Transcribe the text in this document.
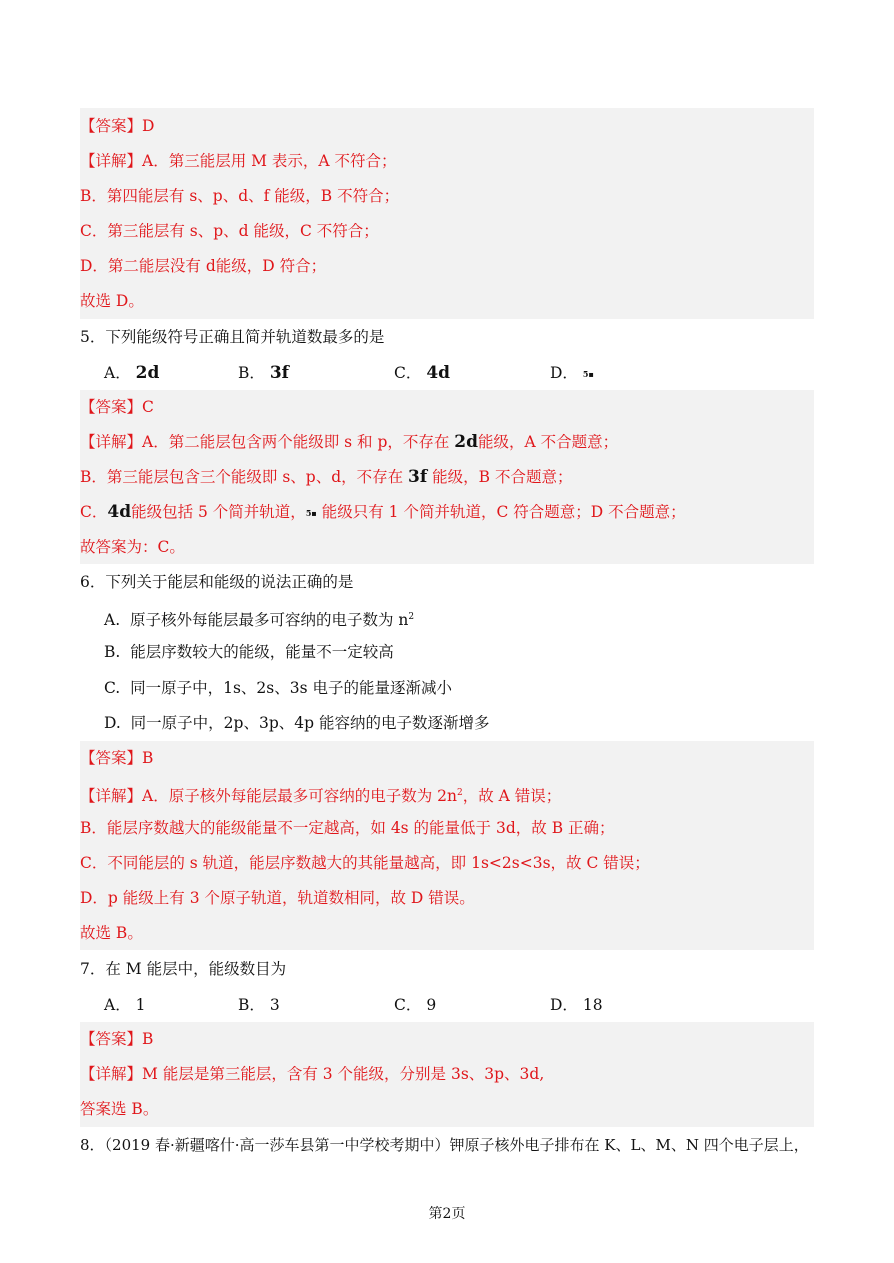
【答案】D
【详解】A．第三能层用 M 表示，A 不符合；
B．第四能层有 s、p、d、f 能级，B 不符合；
C．第三能层有 s、p、d 能级，C 不符合；
D．第二能层没有 d能级，D 符合；
故选 D。
5．下列能级符号正确且简并轨道数最多的是
A． 2d	B． 3f	C． 4d	D． 5▪
【答案】C
【详解】A．第二能层包含两个能级即 s 和 p，不存在 2d能级，A 不合题意；
B．第三能层包含三个能级即 s、p、d，不存在 3f 能级，B 不合题意；
C．4d能级包括 5 个简并轨道，5▪ 能级只有 1 个简并轨道，C 符合题意；D 不合题意；
故答案为：C。
6．下列关于能层和能级的说法正确的是
A. 原子核外每能层最多可容纳的电子数为 $n^2$
B. 能层序数较大的能级，能量不一定较高
C. 同一原子中，1s、2s、3s 电子的能量逐渐减小
D. 同一原子中，2p、3p、4p 能容纳的电子数逐渐增多
【答案】B
【详解】A．原子核外每能层最多可容纳的电子数为 $2n^2$，故 A 错误；
B．能层序数越大的能级能量不一定越高，如 4s 的能量低于 3d，故 B 正确；
C．不同能层的 s 轨道，能层序数越大的其能量越高，即 1s<2s<3s，故 C 错误；
D．p 能级上有 3 个原子轨道，轨道数相同，故 D 错误。
故选 B。
7．在 M 能层中，能级数目为
A． 1	B． 3	C． 9	D． 18
【答案】B
【详解】M 能层是第三能层，含有 3 个能级，分别是 3s、3p、3d,
答案选 B。
8．（2019 春·新疆喀什·高一莎车县第一中学校考期中）钾原子核外电子排布在 K、L、M、N 四个电子层上，
第2页
